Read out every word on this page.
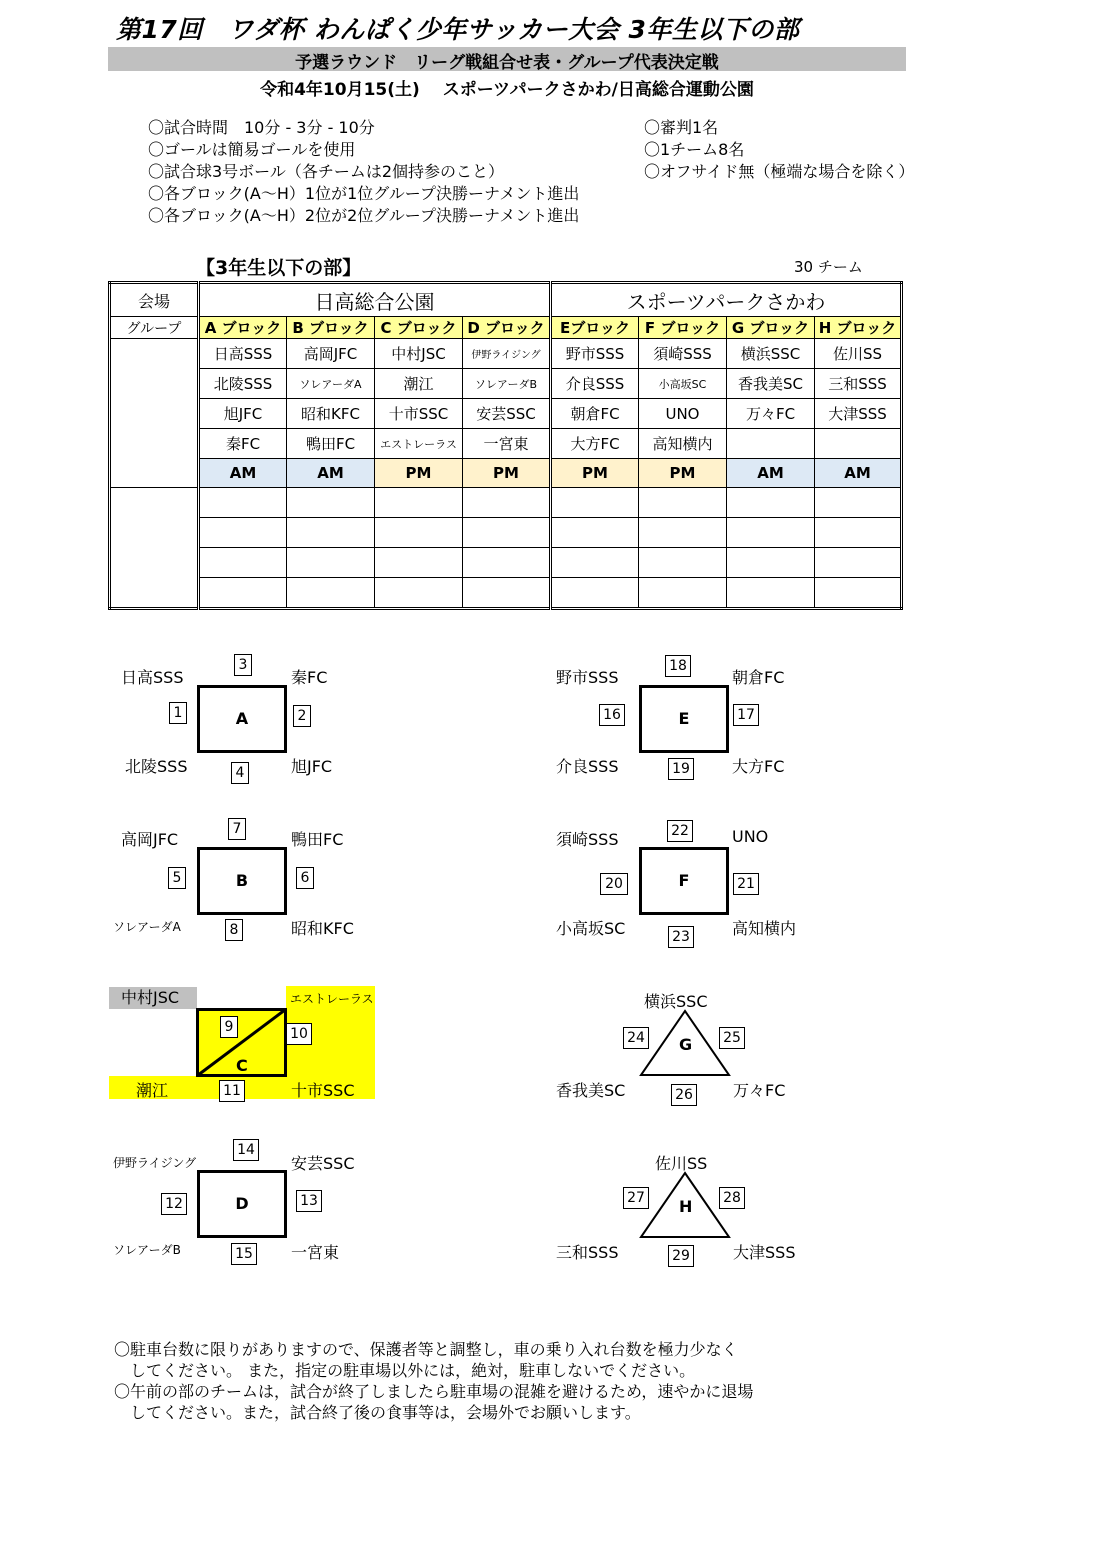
第17回　ワダ杯 わんぱく少年サッカー大会 3年生以下の部
予選ラウンド　リーグ戦組合せ表・グループ代表決定戦
令和4年10月15(土)　 スポーツパークさかわ/日高総合運動公園
〇試合時間　10分 - 3分 - 10分
〇ゴールは簡易ゴールを使用
〇試合球3号ボール（各チームは2個持参のこと）
〇各ブロック(A～H）1位が1位グループ決勝ーナメント進出
〇各ブロック(A～H）2位が2位グループ決勝ーナメント進出
〇審判1名
〇1チーム8名
〇オフサイド無（極端な場合を除く）
【3年生以下の部】	30 チーム
会場	日高総合公園				スポーツパークさかわ			
グループ	A ブロック	B ブロック	C ブロック	D ブロック	Eブロック	F ブロック	G ブロック	H ブロック
	日高SSS	高岡JFC	中村JSC	伊野ライジング	野市SSS	須崎SSS	横浜SSC	佐川SS
	北陵SSS	ソレアーダA	潮江	ソレアーダB	介良SSS	小高坂SC	香我美SC	三和SSS
	旭JFC	昭和KFC	十市SSC	安芸SSC	朝倉FC	UNO	万々FC	大津SSS
	秦FC	鴨田FC	エストレーラス	一宮東	大方FC	高知横内		
	AM	AM	PM	PM	PM	PM	AM	AM

日高SSS	秦FC
北陵SSS	旭JFC
A
3
1	2
4
高岡JFC	鴨田FC
ソレアーダA	昭和KFC
B
7
5	6
8
中村JSC	エストレーラス
潮江	十市SSC
C
9	10
11
伊野ライジング	安芸SSC
ソレアーダB	一宮東
D
14
12	13
15
野市SSS	朝倉FC
介良SSS	大方FC
E
18
16	17
19
須崎SSS	UNO
小高坂SC	高知横内
F
22
20	21
23
横浜SSC
香我美SC	万々FC
G
24	25
26
佐川SS
三和SSS	大津SSS
H
27	28
29
〇駐車台数に限りがありますので、保護者等と調整し，車の乗り入れ台数を極力少なく
　してください。 また，指定の駐車場以外には，絶対，駐車しないでください。
〇午前の部のチームは，試合が終了しましたら駐車場の混雑を避けるため，速やかに退場
　してください。また，試合終了後の食事等は，会場外でお願いします。
